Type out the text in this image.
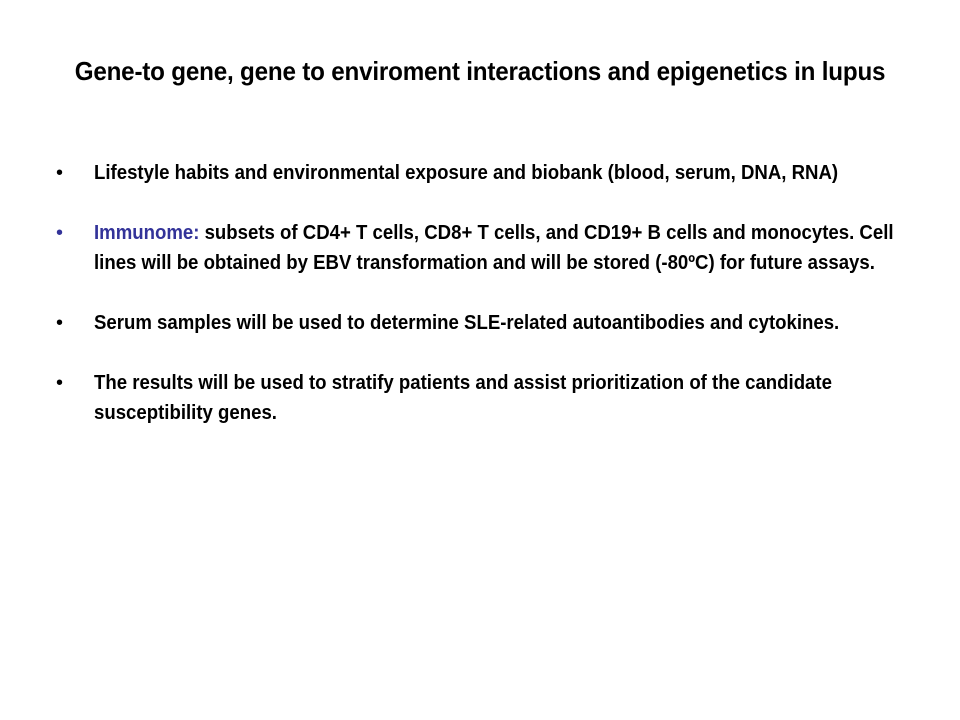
Gene-to gene, gene to enviroment interactions and epigenetics in lupus
•	Lifestyle habits and environmental exposure and biobank (blood, serum, DNA, RNA)
•	Immunome: subsets of CD4+ T cells, CD8+ T cells, and CD19+ B cells and monocytes. Cell lines will be obtained by EBV transformation and will be stored (-80ºC) for future assays.
•	Serum samples will be used to determine SLE-related autoantibodies and cytokines.
•	The results will be used to stratify patients and assist prioritization of the candidate susceptibility genes.
